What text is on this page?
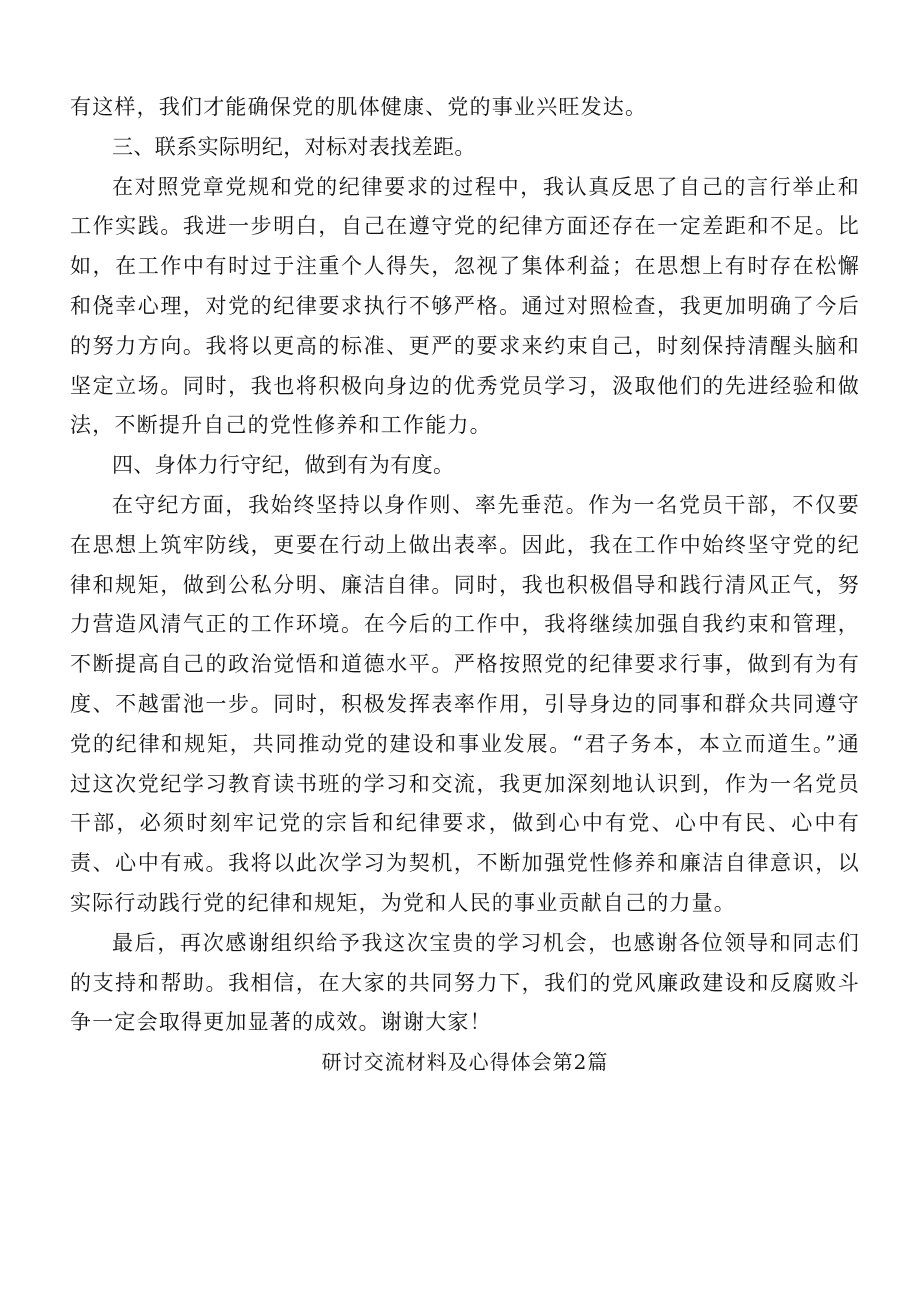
有这样，我们才能确保党的肌体健康、党的事业兴旺发达。

三、联系实际明纪，对标对表找差距。

在对照党章党规和党的纪律要求的过程中，我认真反思了自己的言行举止和工作实践。我进一步明白，自己在遵守党的纪律方面还存在一定差距和不足。比如，在工作中有时过于注重个人得失，忽视了集体利益；在思想上有时存在松懈和侥幸心理，对党的纪律要求执行不够严格。通过对照检查，我更加明确了今后的努力方向。我将以更高的标准、更严的要求来约束自己，时刻保持清醒头脑和坚定立场。同时，我也将积极向身边的优秀党员学习，汲取他们的先进经验和做法，不断提升自己的党性修养和工作能力。

四、身体力行守纪，做到有为有度。

在守纪方面，我始终坚持以身作则、率先垂范。作为一名党员干部，不仅要在思想上筑牢防线，更要在行动上做出表率。因此，我在工作中始终坚守党的纪律和规矩，做到公私分明、廉洁自律。同时，我也积极倡导和践行清风正气，努力营造风清气正的工作环境。在今后的工作中，我将继续加强自我约束和管理，不断提高自己的政治觉悟和道德水平。严格按照党的纪律要求行事，做到有为有度、不越雷池一步。同时，积极发挥表率作用，引导身边的同事和群众共同遵守党的纪律和规矩，共同推动党的建设和事业发展。“君子务本，本立而道生。”通过这次党纪学习教育读书班的学习和交流，我更加深刻地认识到，作为一名党员干部，必须时刻牢记党的宗旨和纪律要求，做到心中有党、心中有民、心中有责、心中有戒。我将以此次学习为契机，不断加强党性修养和廉洁自律意识，以实际行动践行党的纪律和规矩，为党和人民的事业贡献自己的力量。

最后，再次感谢组织给予我这次宝贵的学习机会，也感谢各位领导和同志们的支持和帮助。我相信，在大家的共同努力下，我们的党风廉政建设和反腐败斗争一定会取得更加显著的成效。谢谢大家！

研讨交流材料及心得体会第2篇
